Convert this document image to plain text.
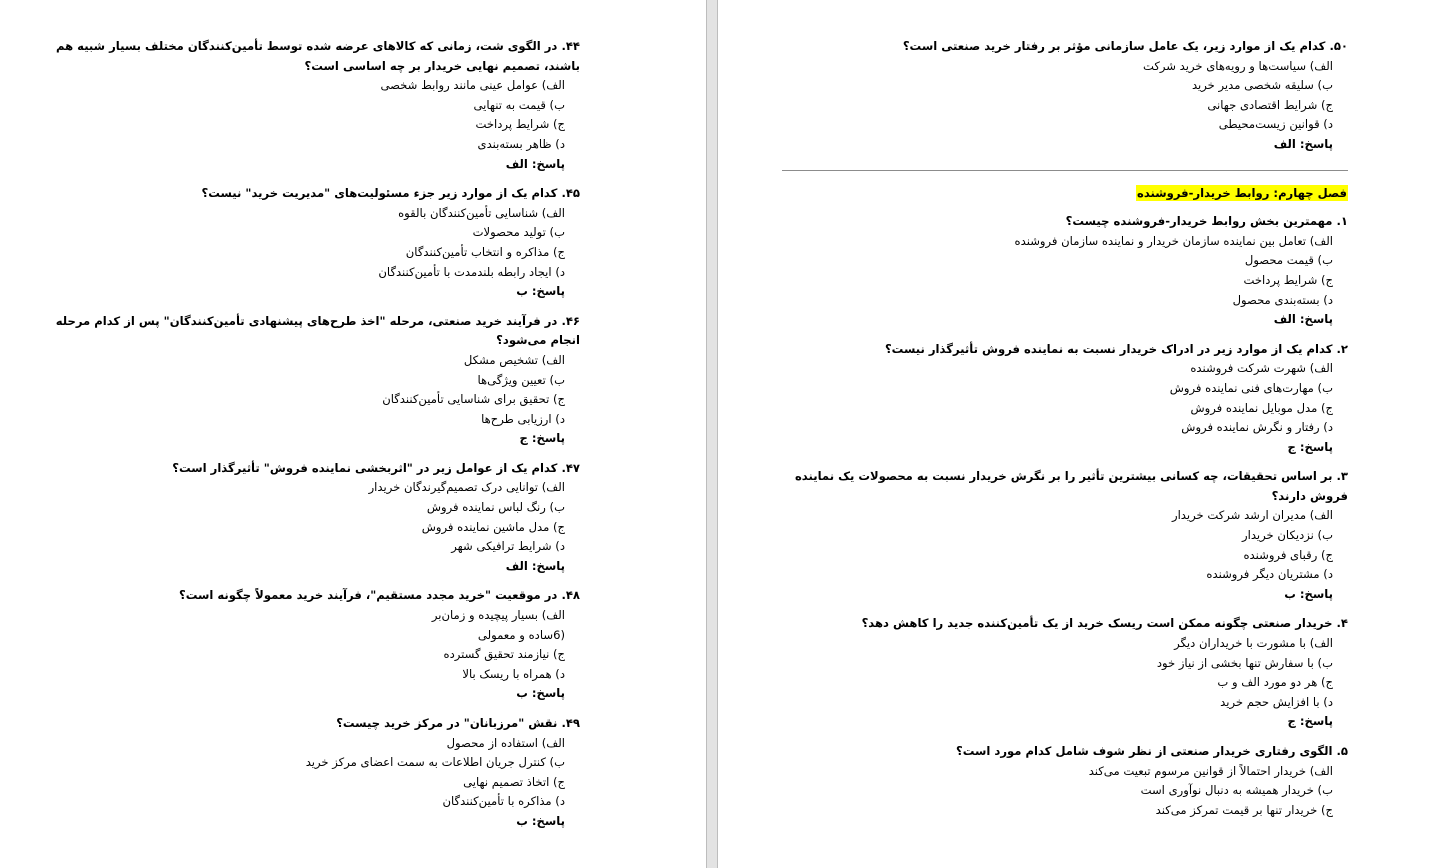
۴۴. در الگوی شت، زمانی که کالاهای عرضه شده توسط تأمین‌کنندگان مختلف بسیار شبیه هم باشند، تصمیم نهایی خریدار بر چه اساسی است؟
الف) عوامل عینی مانند روابط شخصی
ب) قیمت به تنهایی
ج) شرایط پرداخت
د) ظاهر بسته‌بندی
پاسخ: الف
۴۵. کدام یک از موارد زیر جزء مسئولیت‌های "مدیریت خرید" نیست؟
الف) شناسایی تأمین‌کنندگان بالقوه
ب) تولید محصولات
ج) مذاکره و انتخاب تأمین‌کنندگان
د) ایجاد رابطه بلندمدت با تأمین‌کنندگان
پاسخ: ب
۴۶. در فرآیند خرید صنعتی، مرحله "اخذ طرح‌های پیشنهادی تأمین‌کنندگان" پس از کدام مرحله انجام می‌شود؟
الف) تشخیص مشکل
ب) تعیین ویژگی‌ها
ج) تحقیق برای شناسایی تأمین‌کنندگان
د) ارزیابی طرح‌ها
پاسخ: ج
۴۷. کدام یک از عوامل زیر در "اثربخشی نماینده فروش" تأثیرگذار است؟
الف) توانایی درک تصمیم‌گیرندگان خریدار
ب) رنگ لباس نماینده فروش
ج) مدل ماشین نماینده فروش
د) شرایط ترافیکی شهر
پاسخ: الف
۴۸. در موقعیت "خرید مجدد مستقیم"، فرآیند خرید معمولاً چگونه است؟
الف) بسیار پیچیده و زمان‌بر
(6ساده و معمولی
ج) نیازمند تحقیق گسترده
د) همراه با ریسک بالا
پاسخ: ب
۴۹. نقش "مرزبانان" در مرکز خرید چیست؟
الف) استفاده از محصول
ب) کنترل جریان اطلاعات به سمت اعضای مرکز خرید
ج) اتخاذ تصمیم نهایی
د) مذاکره با تأمین‌کنندگان
پاسخ: ب
۵۰. کدام یک از موارد زیر، یک عامل سازمانی مؤثر بر رفتار خرید صنعتی است؟
الف) سیاست‌ها و رویه‌های خرید شرکت
ب) سلیقه شخصی مدیر خرید
ج) شرایط اقتصادی جهانی
د) قوانین زیست‌محیطی
پاسخ: الف
فصل چهارم: روابط خریدار-فروشنده
۱. مهمترین بخش روابط خریدار-فروشنده چیست؟
الف) تعامل بین نماینده سازمان خریدار و نماینده سازمان فروشنده
ب) قیمت محصول
ج) شرایط پرداخت
د) بسته‌بندی محصول
پاسخ: الف
۲. کدام یک از موارد زیر در ادراک خریدار نسبت به نماینده فروش تأثیرگذار نیست؟
الف) شهرت شرکت فروشنده
ب) مهارت‌های فنی نماینده فروش
ج) مدل موبایل نماینده فروش
د) رفتار و نگرش نماینده فروش
پاسخ: ج
۳. بر اساس تحقیقات، چه کسانی بیشترین تأثیر را بر نگرش خریدار نسبت به محصولات یک نماینده فروش دارند؟
الف) مدیران ارشد شرکت خریدار
ب) نزدیکان خریدار
ج) رقبای فروشنده
د) مشتریان دیگر فروشنده
پاسخ: ب
۴. خریدار صنعتی چگونه ممکن است ریسک خرید از یک تأمین‌کننده جدید را کاهش دهد؟
الف) با مشورت با خریداران دیگر
ب) با سفارش تنها بخشی از نیاز خود
ج) هر دو مورد الف و ب
د) با افزایش حجم خرید
پاسخ: ج
۵. الگوی رفتاری خریدار صنعتی از نظر شوف شامل کدام مورد است؟
الف) خریدار احتمالاً از قوانین مرسوم تبعیت می‌کند
ب) خریدار همیشه به دنبال نوآوری است
ج) خریدار تنها بر قیمت تمرکز می‌کند
